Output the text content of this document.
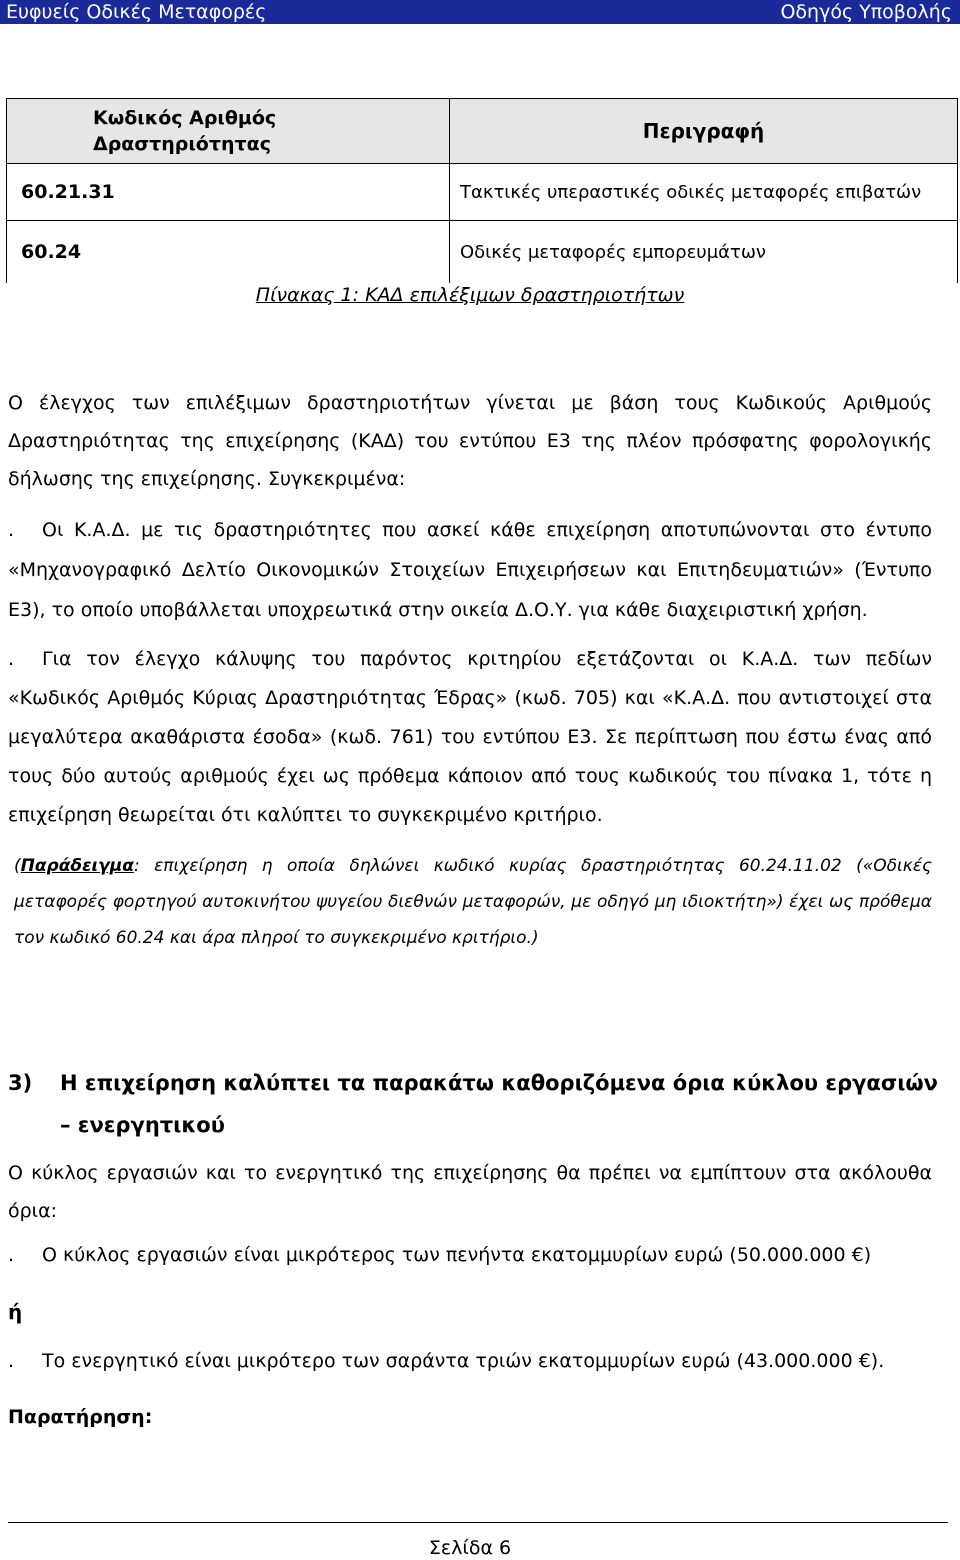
Ευφυείς Οδικές Μεταφορές	Οδηγός Υποβολής
Κωδικός Αριθμός
Δραστηριότητας	Περιγραφή
60.21.31	Τακτικές υπεραστικές οδικές μεταφορές επιβατών
60.24	Οδικές μεταφορές εμπορευμάτων
Πίνακας 1: ΚΑΔ επιλέξιμων δραστηριοτήτων
Ο έλεγχος των επιλέξιμων δραστηριοτήτων γίνεται με βάση τους Κωδικούς Αριθμούς Δραστηριότητας της επιχείρησης (ΚΑΔ) του εντύπου Ε3 της πλέον πρόσφατης φορολογικής δήλωσης της επιχείρησης. Συγκεκριμένα:
. Οι Κ.Α.Δ. με τις δραστηριότητες που ασκεί κάθε επιχείρηση αποτυπώνονται στο έντυπο «Μηχανογραφικό Δελτίο Οικονομικών Στοιχείων Επιχειρήσεων και Επιτηδευματιών» (Έντυπο Ε3), το οποίο υποβάλλεται υποχρεωτικά στην οικεία Δ.Ο.Υ. για κάθε διαχειριστική χρήση.
. Για τον έλεγχο κάλυψης του παρόντος κριτηρίου εξετάζονται οι Κ.Α.Δ. των πεδίων «Κωδικός Αριθμός Κύριας Δραστηριότητας Έδρας» (κωδ. 705) και «Κ.Α.Δ. που αντιστοιχεί στα μεγαλύτερα ακαθάριστα έσοδα» (κωδ. 761) του εντύπου Ε3. Σε περίπτωση που έστω ένας από τους δύο αυτούς αριθμούς έχει ως πρόθεμα κάποιον από τους κωδικούς του πίνακα 1, τότε η επιχείρηση θεωρείται ότι καλύπτει το συγκεκριμένο κριτήριο.
(Παράδειγμα: επιχείρηση η οποία δηλώνει κωδικό κυρίας δραστηριότητας 60.24.11.02 («Οδικές μεταφορές φορτηγού αυτοκινήτου ψυγείου διεθνών μεταφορών, με οδηγό μη ιδιοκτήτη») έχει ως πρόθεμα τον κωδικό 60.24 και άρα πληροί το συγκεκριμένο κριτήριο.)
3) Η επιχείρηση καλύπτει τα παρακάτω καθοριζόμενα όρια κύκλου εργασιών – ενεργητικού
Ο κύκλος εργασιών και το ενεργητικό της επιχείρησης θα πρέπει να εμπίπτουν στα ακόλουθα όρια:
. Ο κύκλος εργασιών είναι μικρότερος των πενήντα εκατομμυρίων ευρώ (50.000.000 €)
ή
. Το ενεργητικό είναι μικρότερο των σαράντα τριών εκατομμυρίων ευρώ (43.000.000 €).
Παρατήρηση:
Σελίδα 6
